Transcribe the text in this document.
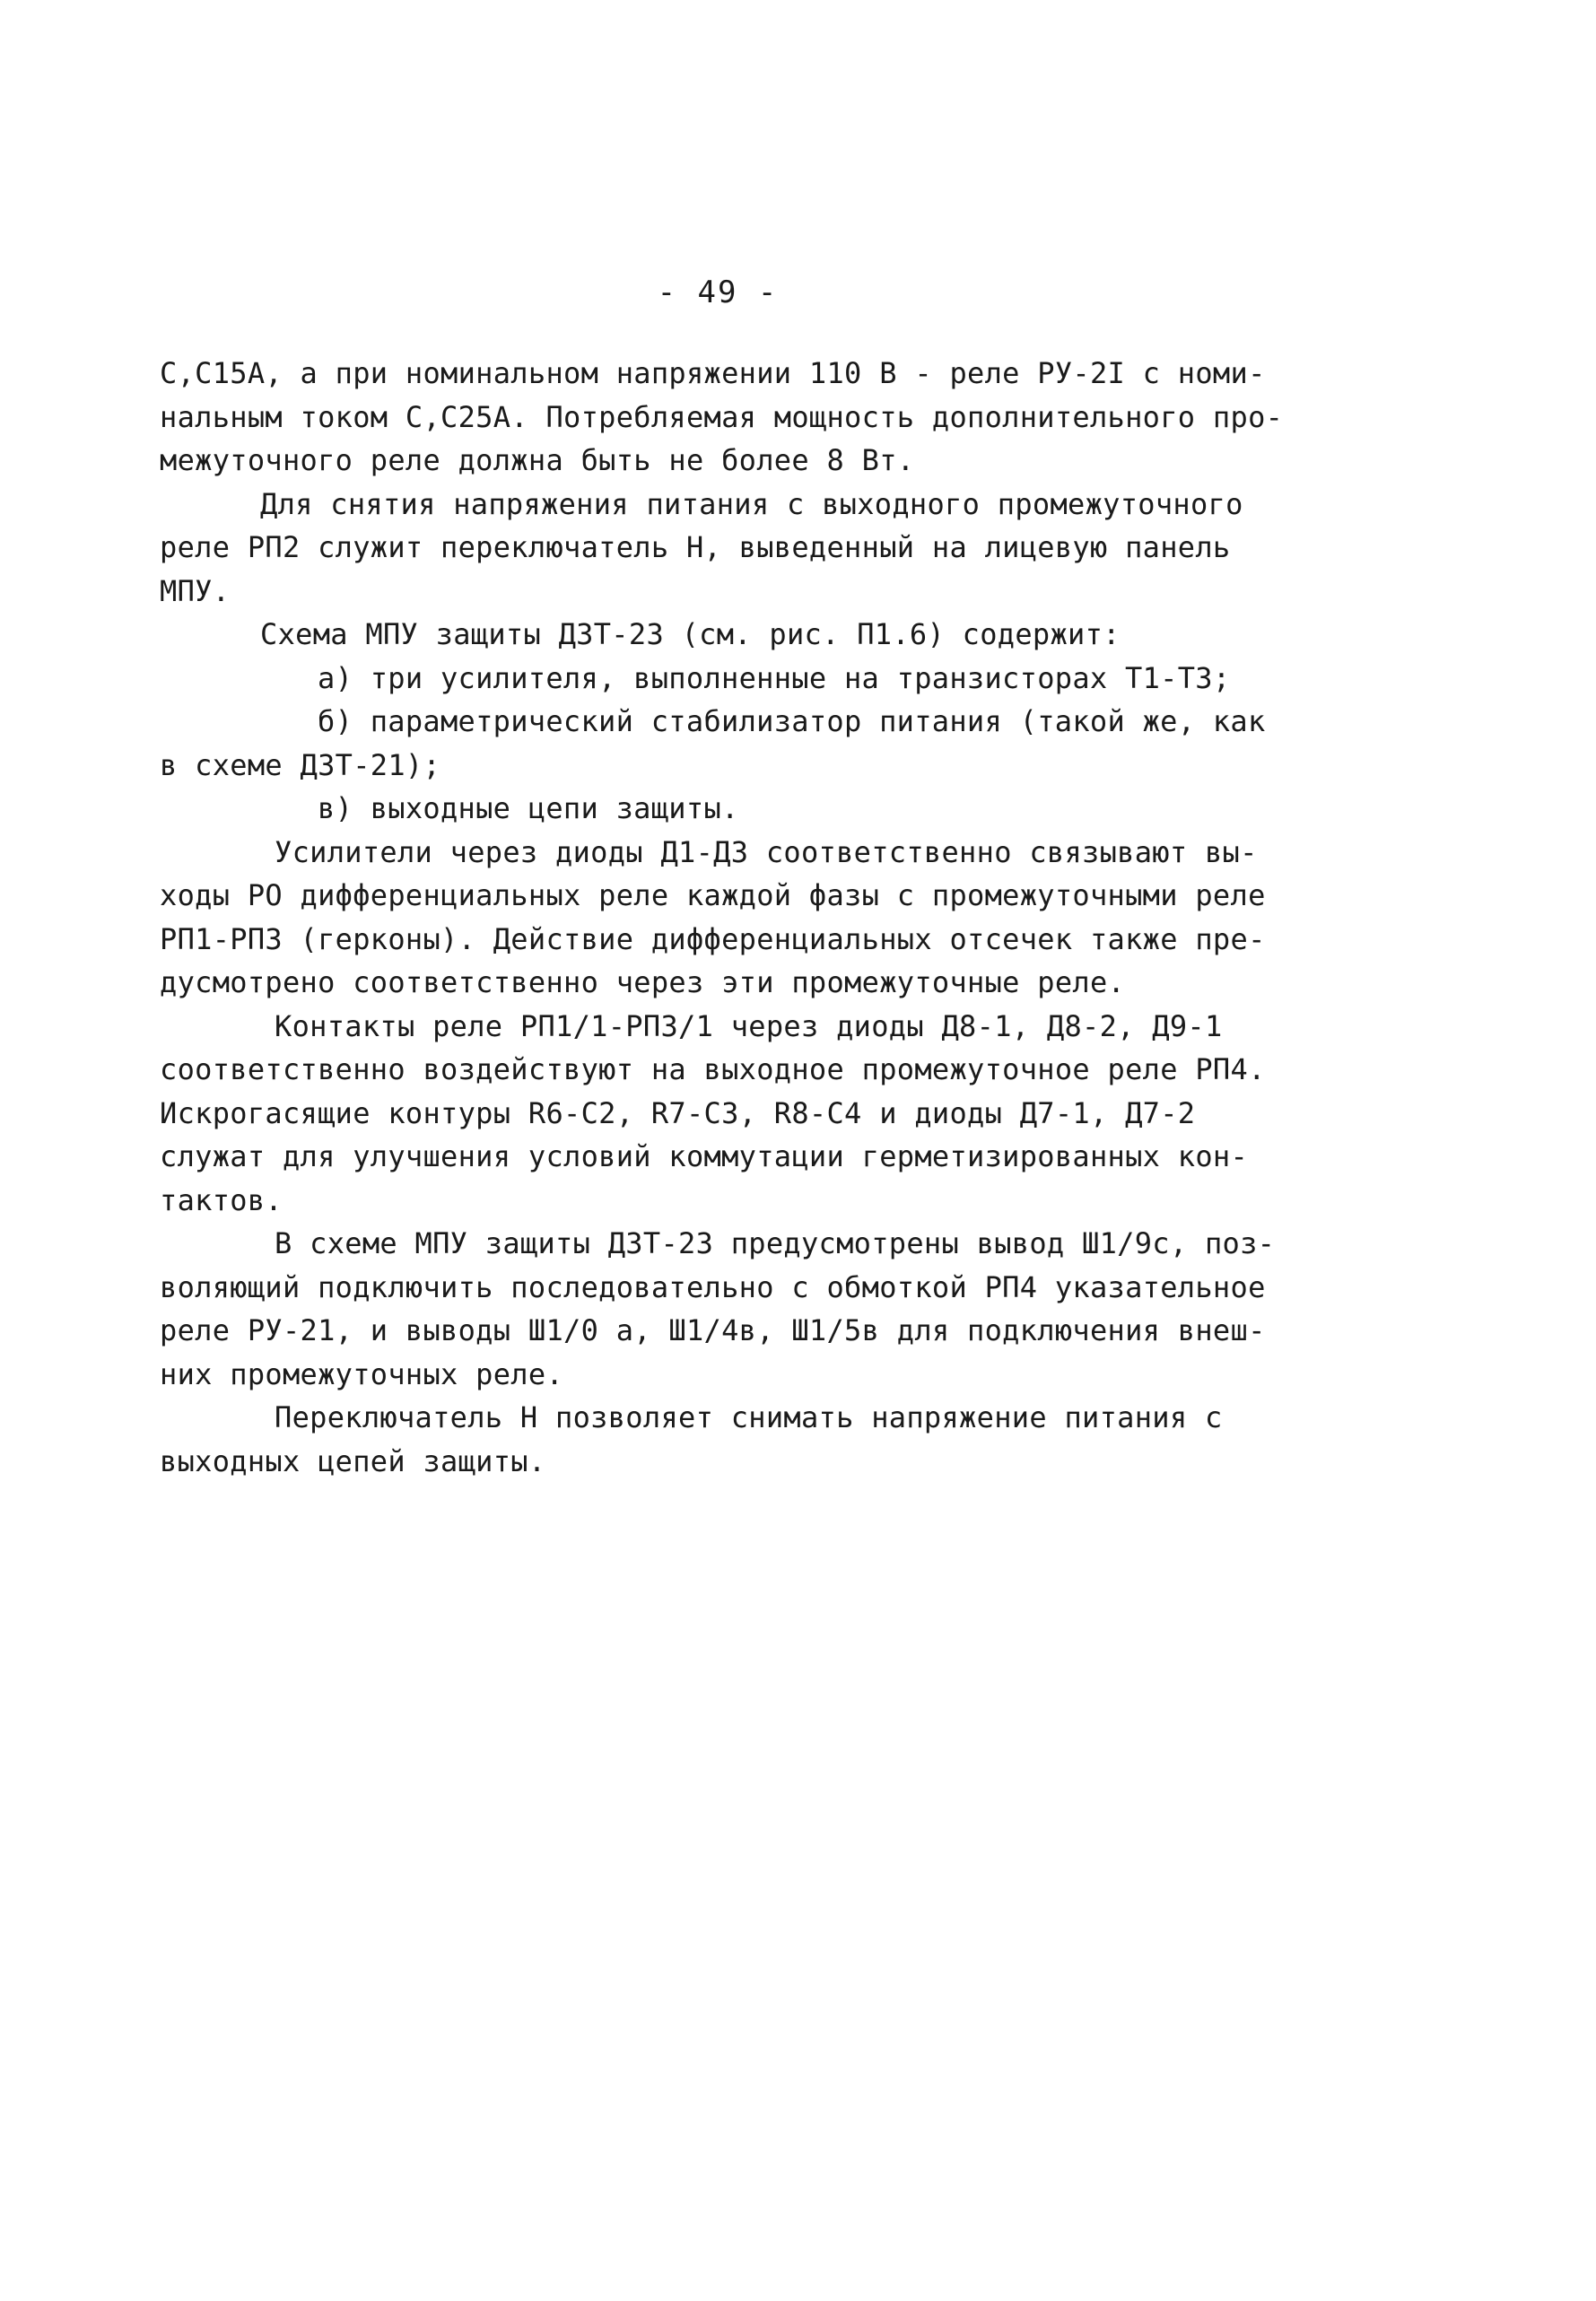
- 49 -
C,C15A, а при номинальном напряжении 110 В - реле РУ-2I с номи-
нальным током C,C25A. Потребляемая мощность дополнительного про-
межуточного реле должна быть не более 8 Вт.
Для снятия напряжения питания с выходного промежуточного
реле РП2 служит переключатель Н, выведенный на лицевую панель
МПУ.
Схема МПУ защиты ДЗТ-23 (см. рис. П1.6) содержит:
а) три усилителя, выполненные на транзисторах Т1-Т3;
б) параметрический стабилизатор питания (такой же, как
в схеме ДЗТ-21);
в) выходные цепи защиты.
Усилители через диоды Д1-Д3 соответственно связывают вы-
ходы РО дифференциальных реле каждой фазы с промежуточными реле
РП1-РП3 (герконы). Действие дифференциальных отсечек также пре-
дусмотрено соответственно через эти промежуточные реле.
Контакты реле РП1/1-РП3/1 через диоды Д8-1, Д8-2, Д9-1
соответственно воздействуют на выходное промежуточное реле РП4.
Искрогасящие контуры R6-C2, R7-C3, R8-C4 и диоды Д7-1, Д7-2
служат для улучшения условий коммутации герметизированных кон-
тактов.
В схеме МПУ защиты ДЗТ-23 предусмотрены вывод Ш1/9с, поз-
воляющий подключить последовательно с обмоткой РП4 указательное
реле РУ-21, и выводы Ш1/0 а, Ш1/4в, Ш1/5в для подключения внеш-
них промежуточных реле.
Переключатель Н позволяет снимать напряжение питания с
выходных цепей защиты.
